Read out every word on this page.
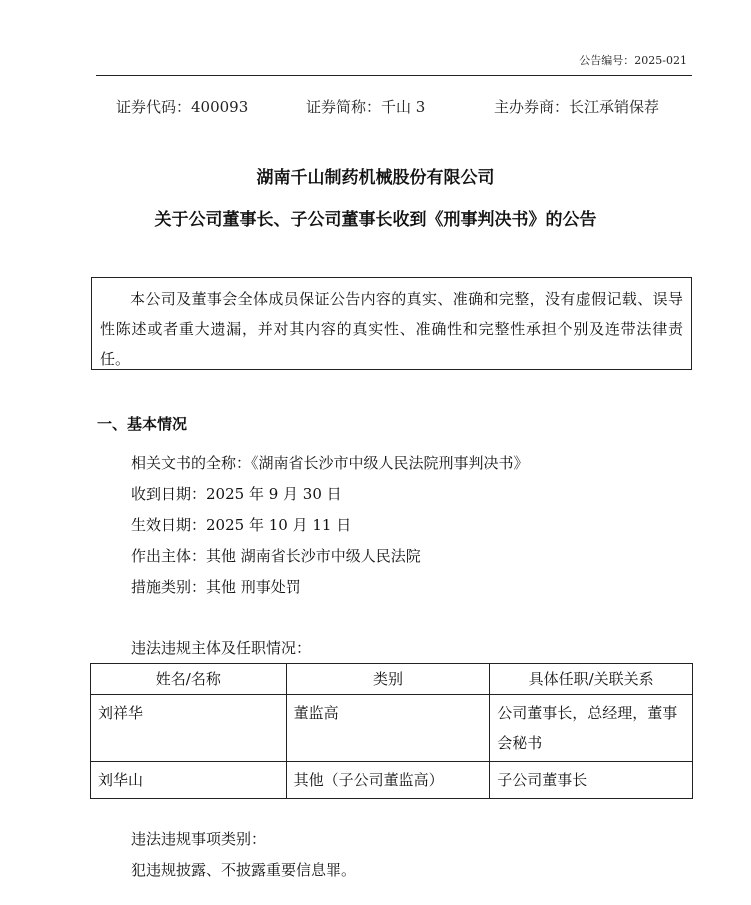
公告编号：2025-021
证券代码：400093	证券简称：千山 3	主办券商：长江承销保荐
湖南千山制药机械股份有限公司
关于公司董事长、子公司董事长收到《刑事判决书》的公告
本公司及董事会全体成员保证公告内容的真实、准确和完整，没有虚假记载、误导性陈述或者重大遗漏，并对其内容的真实性、准确性和完整性承担个别及连带法律责任。
一、基本情况
相关文书的全称：《湖南省长沙市中级人民法院刑事判决书》
收到日期：2025 年 9 月 30 日
生效日期：2025 年 10 月 11 日
作出主体：其他 湖南省长沙市中级人民法院
措施类别：其他 刑事处罚
违法违规主体及任职情况：
姓名/名称	类别	具体任职/关联关系
刘祥华	董监高	公司董事长，总经理，董事会秘书
刘华山	其他（子公司董监高）	子公司董事长
违法违规事项类别：
犯违规披露、不披露重要信息罪。
